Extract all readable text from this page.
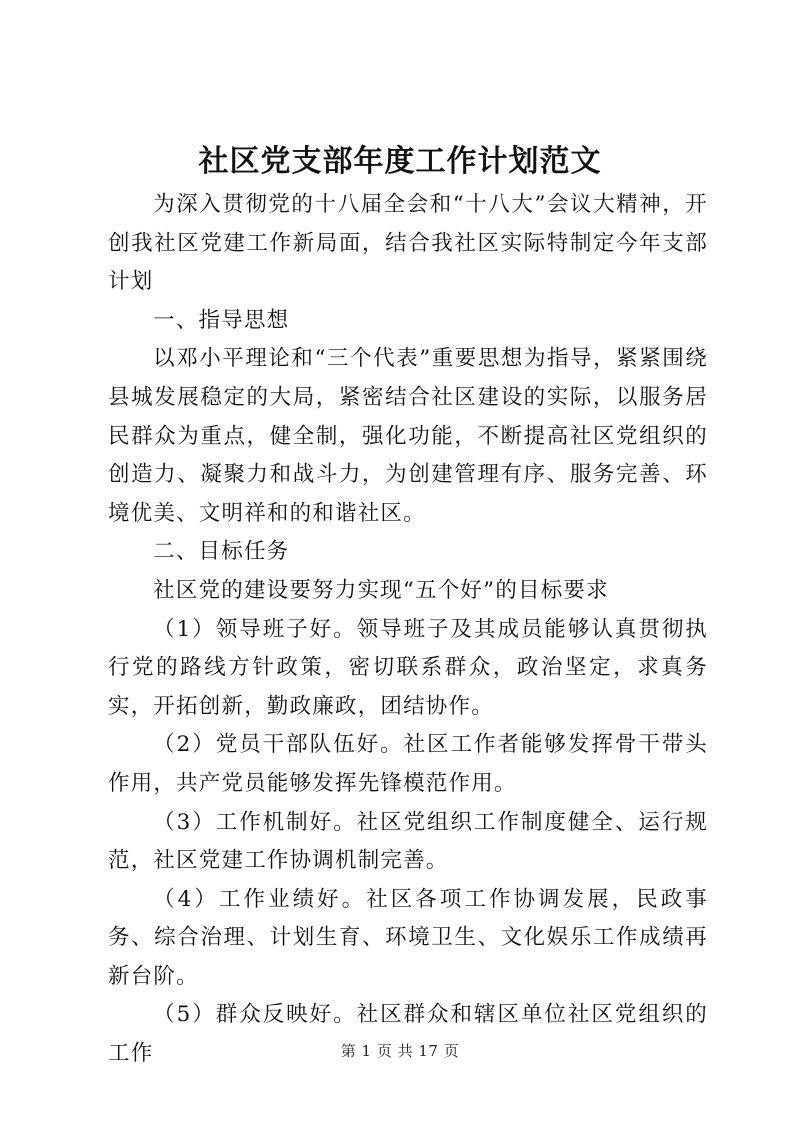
社区党支部年度工作计划范文

为深入贯彻党的十八届全会和“十八大”会议大精神，开创我社区党建工作新局面，结合我社区实际特制定今年支部计划

一、指导思想

以邓小平理论和“三个代表”重要思想为指导，紧紧围绕县城发展稳定的大局，紧密结合社区建设的实际，以服务居民群众为重点，健全制，强化功能，不断提高社区党组织的创造力、凝聚力和战斗力，为创建管理有序、服务完善、环境优美、文明祥和的和谐社区。

二、目标任务

社区党的建设要努力实现“五个好”的目标要求

（1）领导班子好。领导班子及其成员能够认真贯彻执行党的路线方针政策，密切联系群众，政治坚定，求真务实，开拓创新，勤政廉政，团结协作。

（2）党员干部队伍好。社区工作者能够发挥骨干带头作用，共产党员能够发挥先锋模范作用。

（3）工作机制好。社区党组织工作制度健全、运行规范，社区党建工作协调机制完善。

（4）工作业绩好。社区各项工作协调发展，民政事务、综合治理、计划生育、环境卫生、文化娱乐工作成绩再新台阶。

（5）群众反映好。社区群众和辖区单位社区党组织的工作	第 1 页 共 17 页
